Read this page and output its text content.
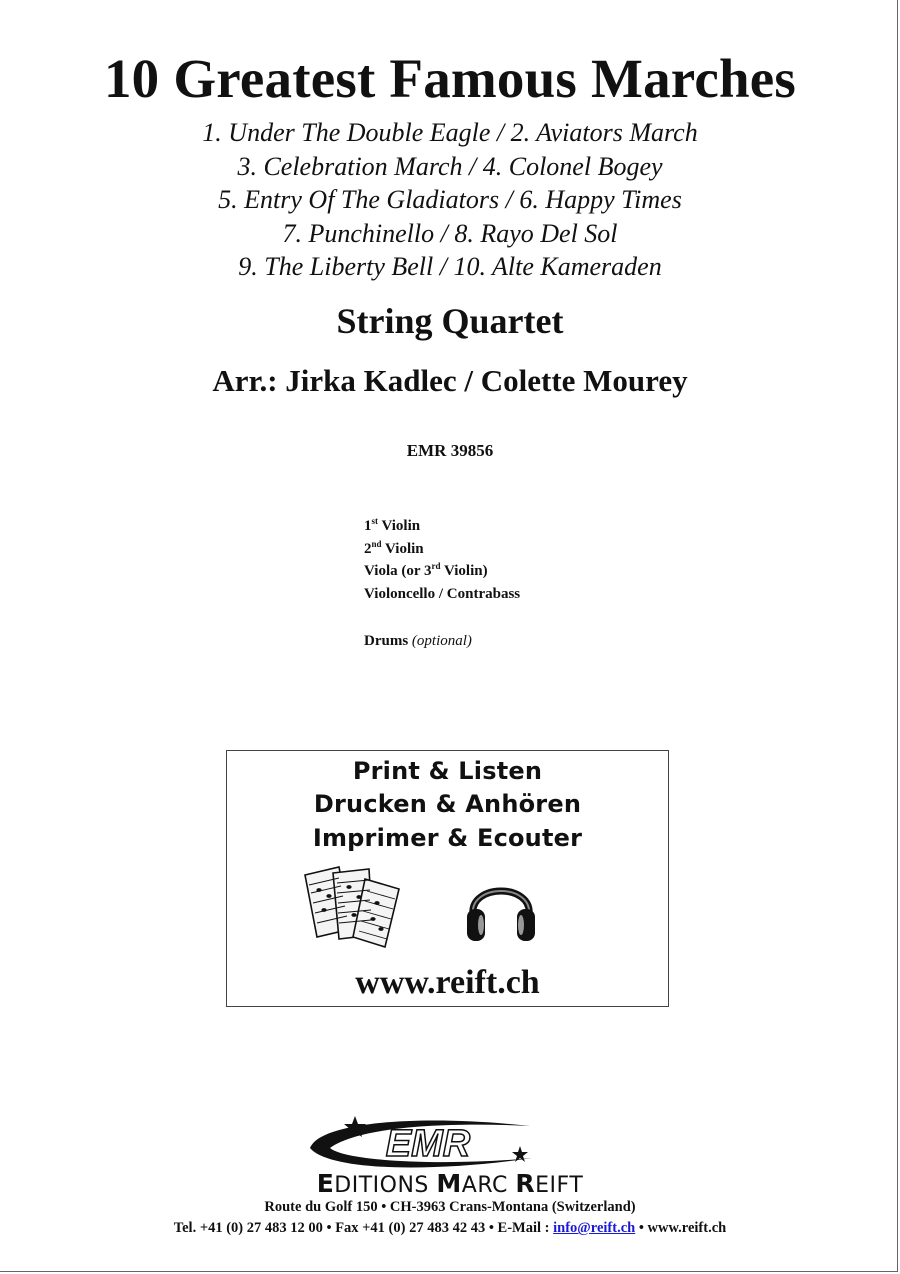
10 Greatest Famous Marches
1. Under The Double Eagle / 2. Aviators March
3. Celebration March / 4. Colonel Bogey
5. Entry Of The Gladiators / 6. Happy Times
7. Punchinello / 8. Rayo Del Sol
9. The Liberty Bell / 10. Alte Kameraden
String Quartet
Arr.: Jirka Kadlec / Colette Mourey
EMR 39856
1st Violin
2nd Violin
Viola (or 3rd Violin)
Violoncello / Contrabass
Drums (optional)
Print & Listen
Drucken & Anhören
Imprimer & Ecouter
www.reift.ch
EMR
EDITIONS MARC REIFT
Route du Golf 150 • CH-3963 Crans-Montana (Switzerland)
Tel. +41 (0) 27 483 12 00 • Fax +41 (0) 27 483 42 43 • E-Mail : info@reift.ch • www.reift.ch
